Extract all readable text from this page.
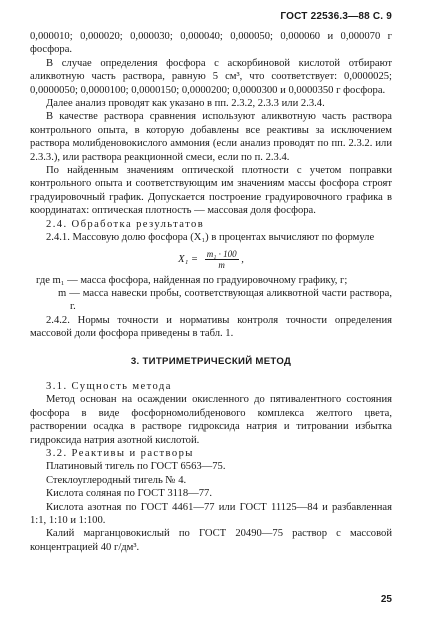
ГОСТ 22536.3—88 С. 9

0,000010; 0,000020; 0,000030; 0,000040; 0,000050; 0,000060 и 0,000070 г фосфора.

В случае определения фосфора с аскорбиновой кислотой отбирают аликвотную часть раствора, равную 5 см³, что соответствует: 0,0000025; 0,0000050; 0,0000100; 0,0000150; 0,0000200; 0,0000300 и 0,0000350 г фосфора.

Далее анализ проводят как указано в пп. 2.3.2, 2.3.3 или 2.3.4.

В качестве раствора сравнения используют аликвотную часть раствора контрольного опыта, в которую добавлены все реактивы за исключением раствора молибденовокислого аммония (если анализ проводят по пп. 2.3.2. или 2.3.3.), или раствора реакционной смеси, если по п. 2.3.4.

По найденным значениям оптической плотности с учетом поправки контрольного опыта и соответствующим им значениям массы фосфора строят градуировочный график. Допускается построение градуировочного графика в координатах: оптическая плотность — массовая доля фосфора.

2.4. Обработка результатов

2.4.1. Массовую долю фосфора (X₁) в процентах вычисляют по формуле

$X_1 = \frac{\text{m₁ · 100}}{m}$ ,

где m₁ — масса фосфора, найденная по градуировочному графику, г;

m — масса навески пробы, соответствующая аликвотной части раствора, г.

2.4.2. Нормы точности и нормативы контроля точности определения массовой доли фосфора приведены в табл. 1.

3. ТИТРИМЕТРИЧЕСКИЙ МЕТОД

3.1. Сущность метода

Метод основан на осаждении окисленного до пятивалентного состояния фосфора в виде фосфорномолибденового комплекса желтого цвета, растворении осадка в растворе гидроксида натрия и титровании избытка гидроксида натрия азотной кислотой.

3.2. Реактивы и растворы

Платиновый тигель по ГОСТ 6563—75.

Стеклоуглеродный тигель № 4.

Кислота соляная по ГОСТ 3118—77.

Кислота азотная по ГОСТ 4461—77 или ГОСТ 11125—84 и разбавленная 1:1, 1:10 и 1:100.

Калий марганцовокислый по ГОСТ 20490—75 раствор с массовой концентрацией 40 г/дм³.

25
